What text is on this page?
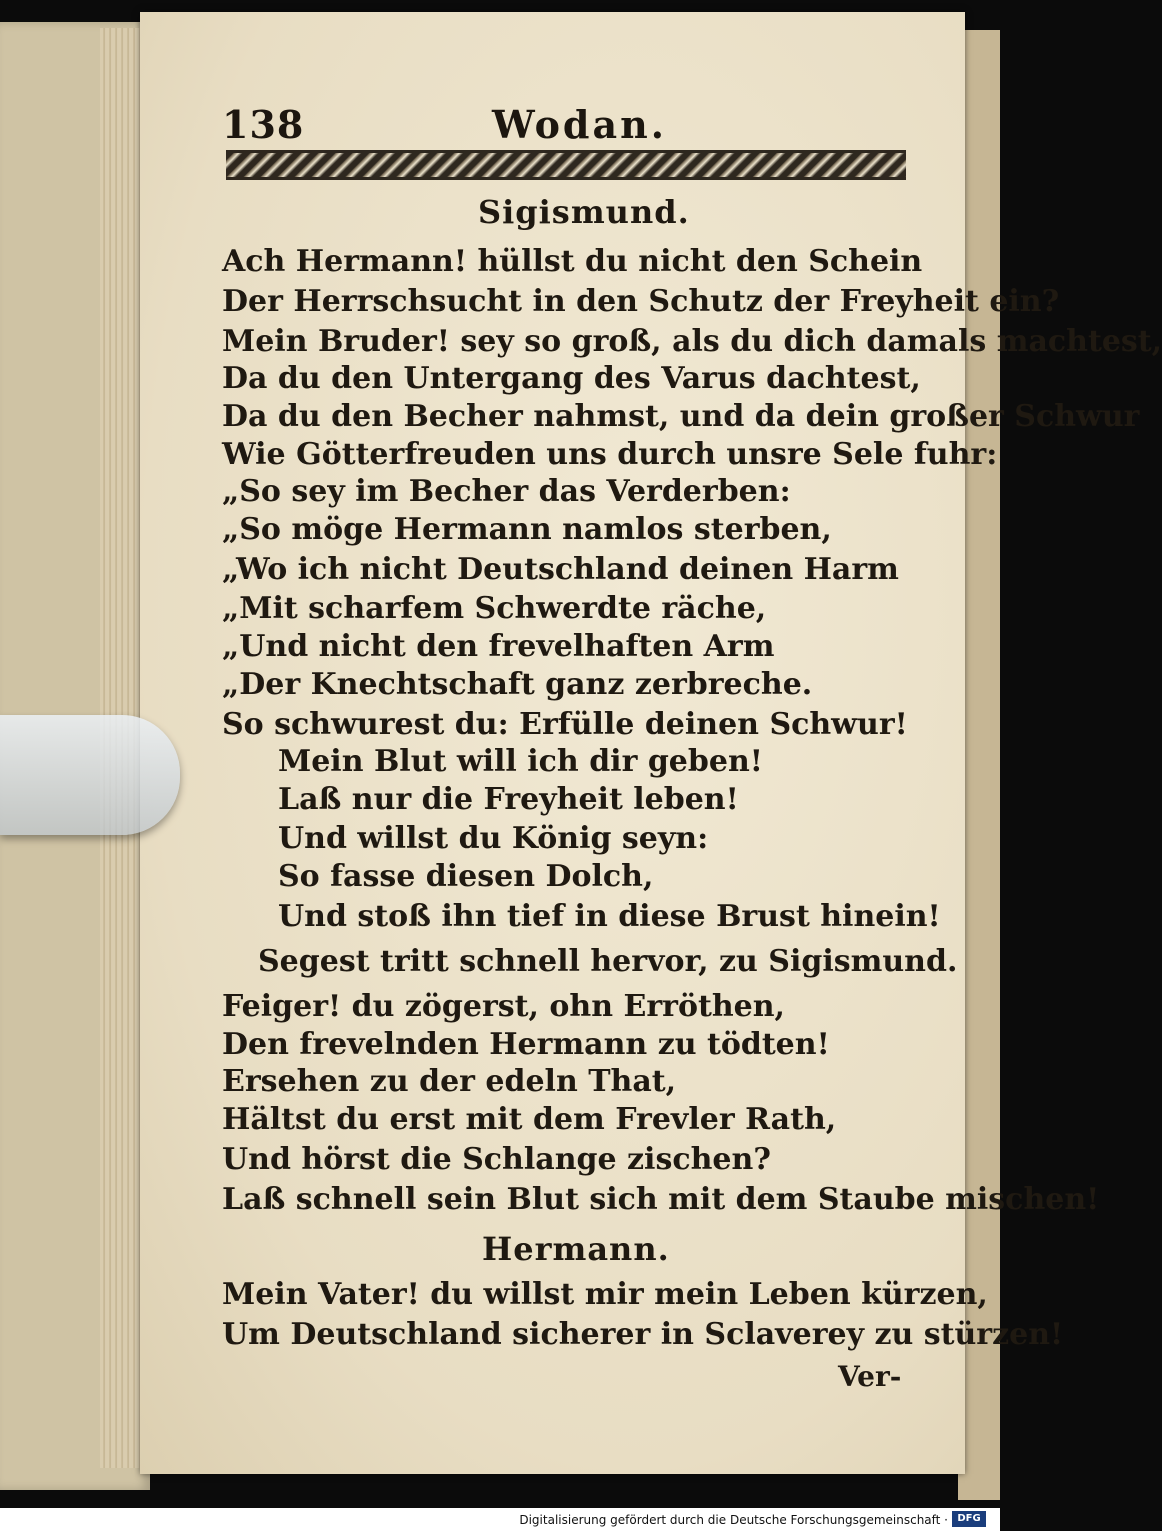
138	Wodan.
Sigismund.
Ach Hermann! hüllst du nicht den Schein
Der Herrschsucht in den Schutz der Freyheit ein?
Mein Bruder! sey so groß, als du dich damals machtest,
Da du den Untergang des Varus dachtest,
Da du den Becher nahmst, und da dein großer Schwur
Wie Götterfreuden uns durch unsre Sele fuhr:
„So sey im Becher das Verderben:
„So möge Hermann namlos sterben,
„Wo ich nicht Deutschland deinen Harm
„Mit scharfem Schwerdte räche,
„Und nicht den frevelhaften Arm
„Der Knechtschaft ganz zerbreche.
So schwurest du: Erfülle deinen Schwur!
Mein Blut will ich dir geben!
Laß nur die Freyheit leben!
Und willst du König seyn:
So fasse diesen Dolch,
Und stoß ihn tief in diese Brust hinein!
Segest tritt schnell hervor, zu Sigismund.
Feiger! du zögerst, ohn Erröthen,
Den frevelnden Hermann zu tödten!
Ersehen zu der edeln That,
Hältst du erst mit dem Frevler Rath,
Und hörst die Schlange zischen?
Laß schnell sein Blut sich mit dem Staube mischen!
Hermann.
Mein Vater! du willst mir mein Leben kürzen,
Um Deutschland sicherer in Sclaverey zu stürzen!
Ver-
Digitalisierung gefördert durch die Deutsche Forschungsgemeinschaft · DFG
